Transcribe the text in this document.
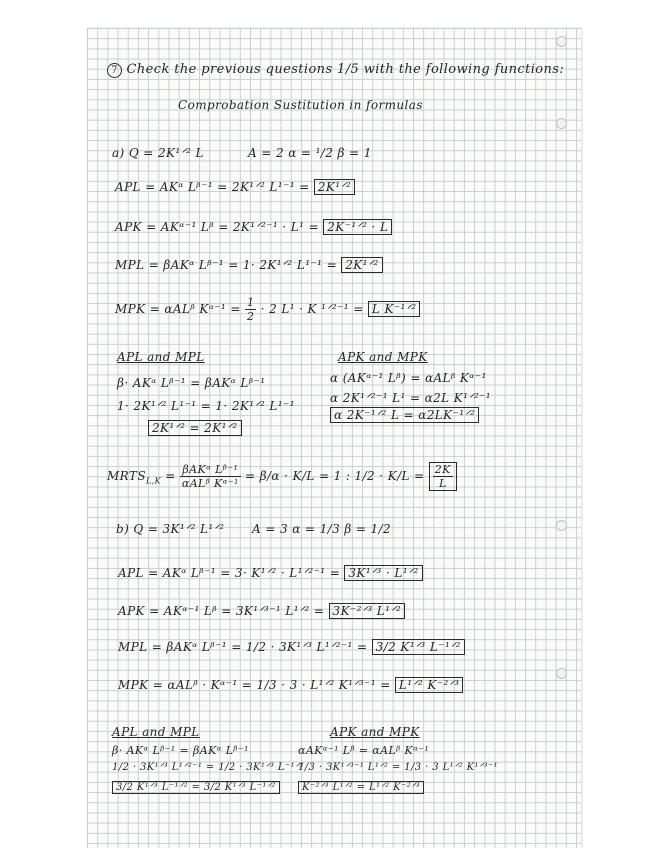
7 Check the previous questions 1/5 with the following functions:
Comprobation Sustitution in formulas
a) Q = 2K¹ᐟ² L	A = 2 α = ¹/2 β = 1
APL = AKᵅ Lᵝ⁻¹ = 2K¹ᐟ² L¹⁻¹ = 2K¹ᐟ²
APK = AKᵅ⁻¹ Lᵝ = 2K¹ᐟ²⁻¹ · L¹ = 2K⁻¹ᐟ² · L
MPL = βAKᵅ Lᵝ⁻¹ = 1· 2K¹ᐟ² L¹⁻¹ = 2K¹ᐟ²
MPK = αALᵝ Kᵅ⁻¹ = $\frac{1}{2} \cdot 2$ L¹ · K ¹ᐟ²⁻¹ = L K⁻¹ᐟ²
APL and MPL
β· AKᵅ Lᵝ⁻¹ = βAKᵅ Lᵝ⁻¹
1· 2K¹ᐟ² L¹⁻¹ = 1· 2K¹ᐟ² L¹⁻¹
2K¹ᐟ² = 2K¹ᐟ²
APK and MPK
α (AKᵅ⁻¹ Lᵝ) = αALᵝ Kᵅ⁻¹
α 2K¹ᐟ²⁻¹ L¹ = α2L K¹ᐟ²⁻¹
α 2K⁻¹ᐟ² L = α2LK⁻¹ᐟ²
$MRTS_{L,K} = \frac{\text{βAKᵅ Lᵝ⁻¹}}{\text{αALᵝ Kᵅ⁻¹}} = \beta/\alpha \cdot K/L = 1$ : $1/2 \cdot K/L = \frac{2K}{L}$
b) Q = 3K¹ᐟ² L¹ᐟ² A = 3 α = 1/3 β = 1/2
APL = AKᵅ Lᵝ⁻¹ = 3· K¹ᐟ² · L¹ᐟ²⁻¹ = 3K¹ᐟ³ · L¹ᐟ²
APK = AKᵅ⁻¹ Lᵝ = 3K¹ᐟ³⁻¹ L¹ᐟ² = 3K⁻²ᐟ³ L¹ᐟ²
MPL = βAKᵅ Lᵝ⁻¹ = 1/2 · 3K¹ᐟ³ L¹ᐟ²⁻¹ = 3/2 K¹ᐟ³ L⁻¹ᐟ²
MPK = αALᵝ · Kᵅ⁻¹ = 1/3 · 3 · L¹ᐟ² K¹ᐟ³⁻¹ = L¹ᐟ² K⁻²ᐟ³
APL and MPL
β· AKᵅ Lᵝ⁻¹ = βAKᵅ Lᵝ⁻¹
1/2 · 3K¹ᐟ³ L¹ᐟ²⁻¹ = 1/2 · 3K¹ᐟ³ L⁻¹ᐟ²
3/2 K¹ᐟ³ L⁻¹ᐟ² = 3/2 K¹ᐟ³ L⁻¹ᐟ²
APK and MPK
αAKᵅ⁻¹ Lᵝ = αALᵝ Kᵅ⁻¹
1/3 · 3K¹ᐟ³⁻¹ L¹ᐟ² = 1/3 · 3 L¹ᐟ² K¹ᐟ³⁻¹
K⁻²ᐟ³ L¹ᐟ² = L¹ᐟ² K⁻²ᐟ³
